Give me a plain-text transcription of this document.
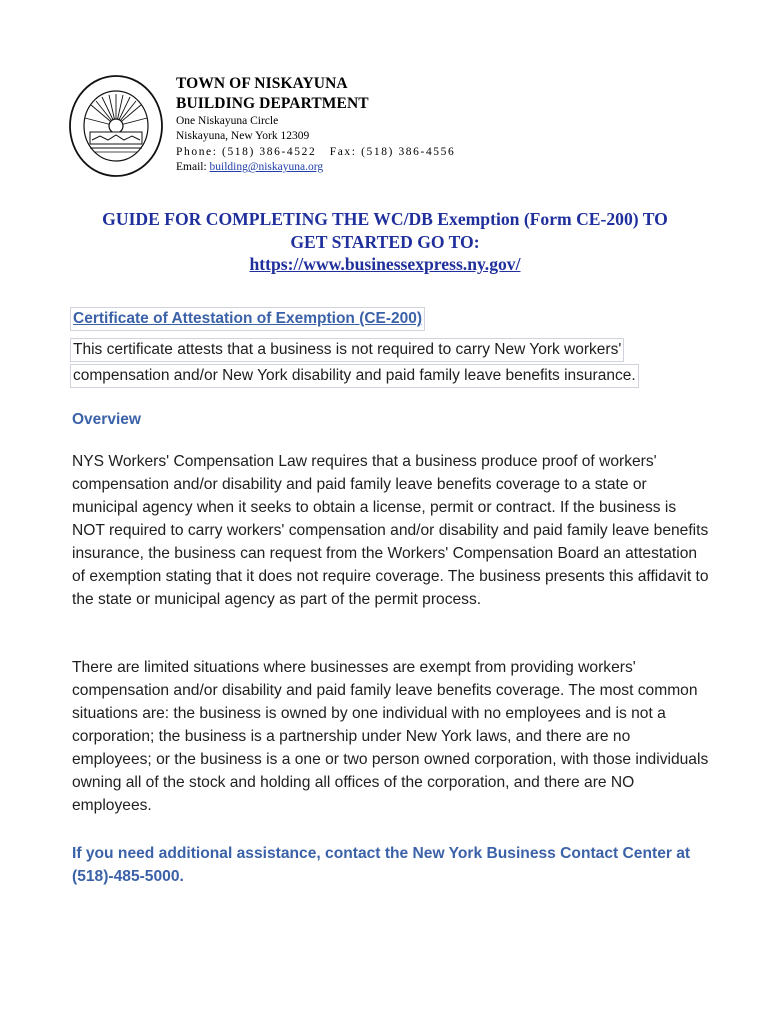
TOWN OF NISKAYUNA
BUILDING DEPARTMENT
One Niskayuna Circle
Niskayuna, New York 12309
Phone: (518) 386-4522 Fax: (518) 386-4556
Email: building@niskayuna.org
GUIDE FOR COMPLETING THE WC/DB Exemption (Form CE-200) TO
GET STARTED GO TO:
https://www.businessexpress.ny.gov/
Certificate of Attestation of Exemption (CE-200)
This certificate attests that a business is not required to carry New York workers'
compensation and/or New York disability and paid family leave benefits insurance.
Overview
NYS Workers' Compensation Law requires that a business produce proof of workers' compensation and/or disability and paid family leave benefits coverage to a state or municipal agency when it seeks to obtain a license, permit or contract. If the business is NOT required to carry workers' compensation and/or disability and paid family leave benefits insurance, the business can request from the Workers' Compensation Board an attestation of exemption stating that it does not require coverage. The business presents this affidavit to the state or municipal agency as part of the permit process.
There are limited situations where businesses are exempt from providing workers' compensation and/or disability and paid family leave benefits coverage. The most common situations are: the business is owned by one individual with no employees and is not a corporation; the business is a partnership under New York laws, and there are no employees; or the business is a one or two person owned corporation, with those individuals owning all of the stock and holding all offices of the corporation, and there are NO employees.
If you need additional assistance, contact the New York Business Contact Center at (518)-485-5000.
